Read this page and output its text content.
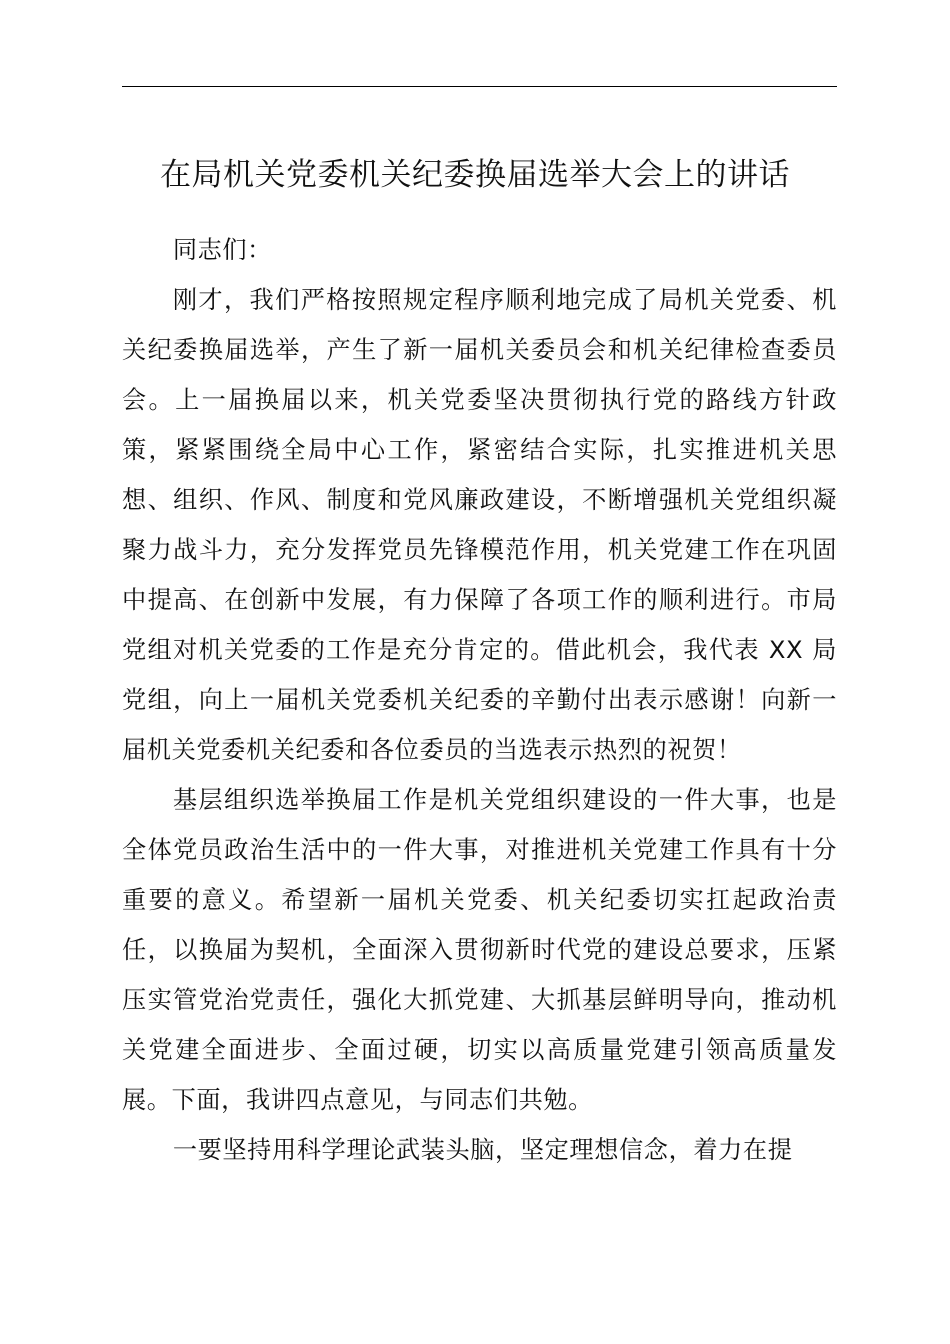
在局机关党委机关纪委换届选举大会上的讲话

同志们：

刚才，我们严格按照规定程序顺利地完成了局机关党委、机关纪委换届选举，产生了新一届机关委员会和机关纪律检查委员会。上一届换届以来，机关党委坚决贯彻执行党的路线方针政策，紧紧围绕全局中心工作，紧密结合实际，扎实推进机关思想、组织、作风、制度和党风廉政建设，不断增强机关党组织凝聚力战斗力，充分发挥党员先锋模范作用，机关党建工作在巩固中提高、在创新中发展，有力保障了各项工作的顺利进行。市局党组对机关党委的工作是充分肯定的。借此机会，我代表 XX 局党组，向上一届机关党委机关纪委的辛勤付出表示感谢！向新一届机关党委机关纪委和各位委员的当选表示热烈的祝贺！

基层组织选举换届工作是机关党组织建设的一件大事，也是全体党员政治生活中的一件大事，对推进机关党建工作具有十分重要的意义。希望新一届机关党委、机关纪委切实扛起政治责任，以换届为契机，全面深入贯彻新时代党的建设总要求，压紧压实管党治党责任，强化大抓党建、大抓基层鲜明导向，推动机关党建全面进步、全面过硬，切实以高质量党建引领高质量发展。下面，我讲四点意见，与同志们共勉。

一要坚持用科学理论武装头脑，坚定理想信念，着力在提
